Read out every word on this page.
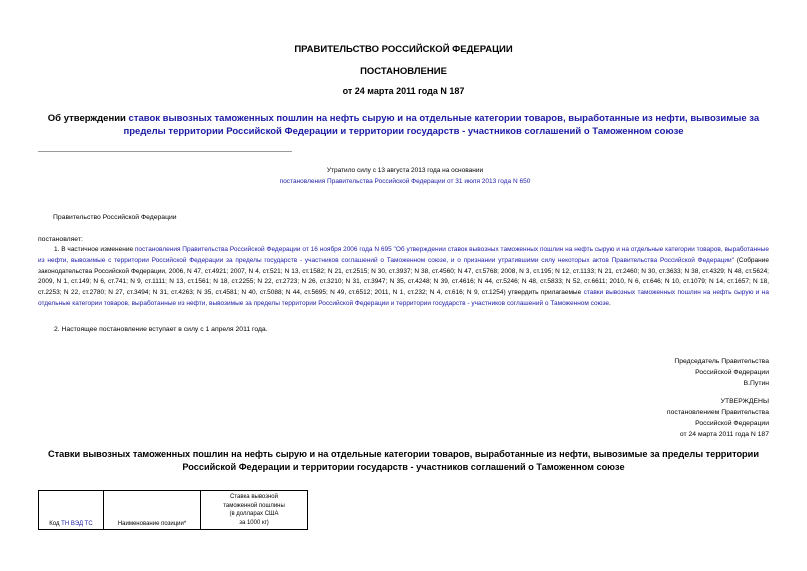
ПРАВИТЕЛЬСТВО РОССИЙСКОЙ ФЕДЕРАЦИИ
ПОСТАНОВЛЕНИЕ
от 24 марта 2011 года N 187
Об утверждении ставок вывозных таможенных пошлин на нефть сырую и на отдельные категории товаров, выработанные из нефти, вывозимые за пределы территории Российской Федерации и территории государств - участников соглашений о Таможенном союзе
Утратило силу с 13 августа 2013 года на основании
постановления Правительства Российской Федерации от 31 июля 2013 года N 650
Правительство Российской Федерации
постановляет:
1. В частичное изменение постановления Правительства Российской Федерации от 16 ноября 2006 года N 695 "Об утверждении ставок вывозных таможенных пошлин на нефть сырую и на отдельные категории товаров, выработанные из нефти, вывозимые с территории Российской Федерации за пределы государств - участников соглашений о Таможенном союзе, и о признании утратившими силу некоторых актов Правительства Российской Федерации" (Собрание законодательства Российской Федерации, 2006, N 47, ст.4921; 2007, N 4, ст.521; N 13, ст.1582; N 21, ст.2515; N 30, ст.3937; N 38, ст.4560; N 47, ст.5768; 2008, N 3, ст.195; N 12, ст.1133; N 21, ст.2460; N 30, ст.3633; N 38, ст.4329; N 48, ст.5624; 2009, N 1, ст.149; N 6, ст.741; N 9, ст.1111; N 13, ст.1561; N 18, ст.2255; N 22, ст.2723; N 26, ст.3210; N 31, ст.3947; N 35, ст.4248; N 39, ст.4616; N 44, ст.5246; N 48, ст.5833; N 52, ст.6611; 2010, N 6, ст.646; N 10, ст.1079; N 14, ст.1657; N 18, ст.2253; N 22, ст.2780; N 27, ст.3494; N 31, ст.4263; N 35, ст.4581; N 40, ст.5088; N 44, ст.5695; N 49, ст.6512; 2011, N 1, ст.232; N 4, ст.616; N 9, ст.1254) утвердить прилагаемые ставки вывозных таможенных пошлин на нефть сырую и на отдельные категории товаров, выработанные из нефти, вывозимые за пределы территории Российской Федерации и территории государств - участников соглашений о Таможенном союзе.
2. Настоящее постановление вступает в силу с 1 апреля 2011 года.
Председатель Правительства
Российской Федерации
В.Путин
УТВЕРЖДЕНЫ
постановлением Правительства
Российской Федерации
от 24 марта 2011 года N 187
Ставки вывозных таможенных пошлин на нефть сырую и на отдельные категории товаров, выработанные из нефти, вывозимые за пределы территории Российской Федерации и территории государств - участников соглашений о Таможенном союзе
Код ТН ВЭД ТС	Наименование позиции*	
Ставка вывозной
таможенной пошлины
(в долларах США
за 1000 кг)
